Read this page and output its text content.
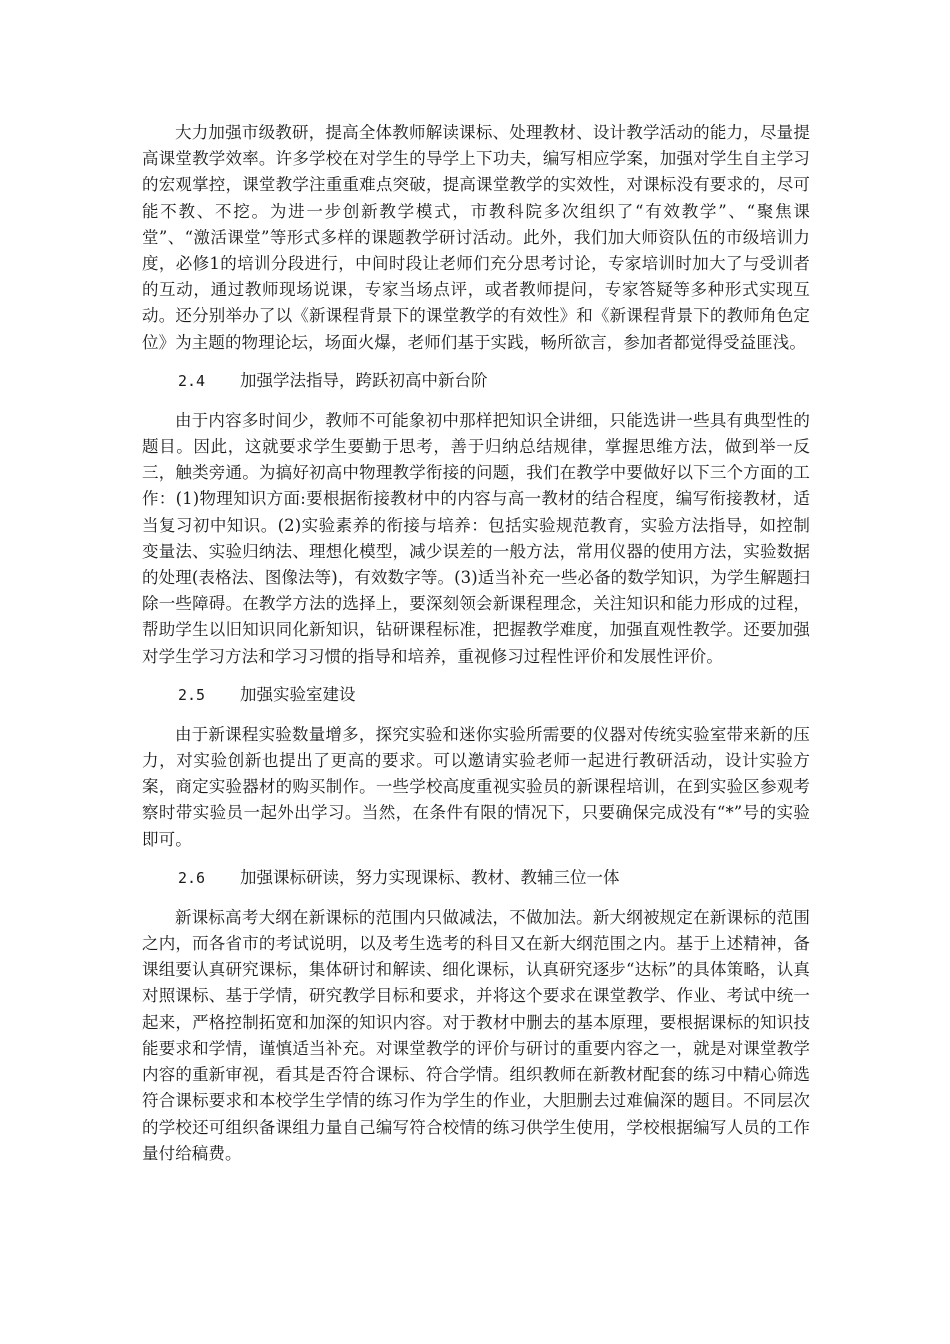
大力加强市级教研，提高全体教师解读课标、处理教材、设计教学活动的能力，尽量提高课堂教学效率。许多学校在对学生的导学上下功夫，编写相应学案，加强对学生自主学习的宏观掌控，课堂教学注重重难点突破，提高课堂教学的实效性，对课标没有要求的，尽可能不教、不挖。为进一步创新教学模式，市教科院多次组织了“有效教学”、“聚焦课堂”、“激活课堂”等形式多样的课题教学研讨活动。此外，我们加大师资队伍的市级培训力度，必修1的培训分段进行，中间时段让老师们充分思考讨论，专家培训时加大了与受训者的互动，通过教师现场说课，专家当场点评，或者教师提问，专家答疑等多种形式实现互动。还分别举办了以《新课程背景下的课堂教学的有效性》和《新课程背景下的教师角色定位》为主题的物理论坛，场面火爆，老师们基于实践，畅所欲言，参加者都觉得受益匪浅。

2.4 加强学法指导，跨跃初高中新台阶

由于内容多时间少，教师不可能象初中那样把知识全讲细，只能选讲一些具有典型性的题目。因此，这就要求学生要勤于思考，善于归纳总结规律，掌握思维方法，做到举一反三，触类旁通。为搞好初高中物理教学衔接的问题，我们在教学中要做好以下三个方面的工作：(1)物理知识方面:要根据衔接教材中的内容与高一教材的结合程度，编写衔接教材，适当复习初中知识。(2)实验素养的衔接与培养：包括实验规范教育，实验方法指导，如控制变量法、实验归纳法、理想化模型，减少误差的一般方法，常用仪器的使用方法，实验数据的处理(表格法、图像法等)，有效数字等。(3)适当补充一些必备的数学知识，为学生解题扫除一些障碍。在教学方法的选择上，要深刻领会新课程理念，关注知识和能力形成的过程，帮助学生以旧知识同化新知识，钻研课程标准，把握教学难度，加强直观性教学。还要加强对学生学习方法和学习习惯的指导和培养，重视修习过程性评价和发展性评价。

2.5 加强实验室建设

由于新课程实验数量增多，探究实验和迷你实验所需要的仪器对传统实验室带来新的压力，对实验创新也提出了更高的要求。可以邀请实验老师一起进行教研活动，设计实验方案，商定实验器材的购买制作。一些学校高度重视实验员的新课程培训，在到实验区参观考察时带实验员一起外出学习。当然，在条件有限的情况下，只要确保完成没有“*”号的实验即可。

2.6 加强课标研读，努力实现课标、教材、教辅三位一体

新课标高考大纲在新课标的范围内只做减法，不做加法。新大纲被规定在新课标的范围之内，而各省市的考试说明，以及考生选考的科目又在新大纲范围之内。基于上述精神，备课组要认真研究课标，集体研讨和解读、细化课标，认真研究逐步“达标”的具体策略，认真对照课标、基于学情，研究教学目标和要求，并将这个要求在课堂教学、作业、考试中统一起来，严格控制拓宽和加深的知识内容。对于教材中删去的基本原理，要根据课标的知识技能要求和学情，谨慎适当补充。对课堂教学的评价与研讨的重要内容之一，就是对课堂教学内容的重新审视，看其是否符合课标、符合学情。组织教师在新教材配套的练习中精心筛选符合课标要求和本校学生学情的练习作为学生的作业，大胆删去过难偏深的题目。不同层次的学校还可组织备课组力量自己编写符合校情的练习供学生使用，学校根据编写人员的工作量付给稿费。
